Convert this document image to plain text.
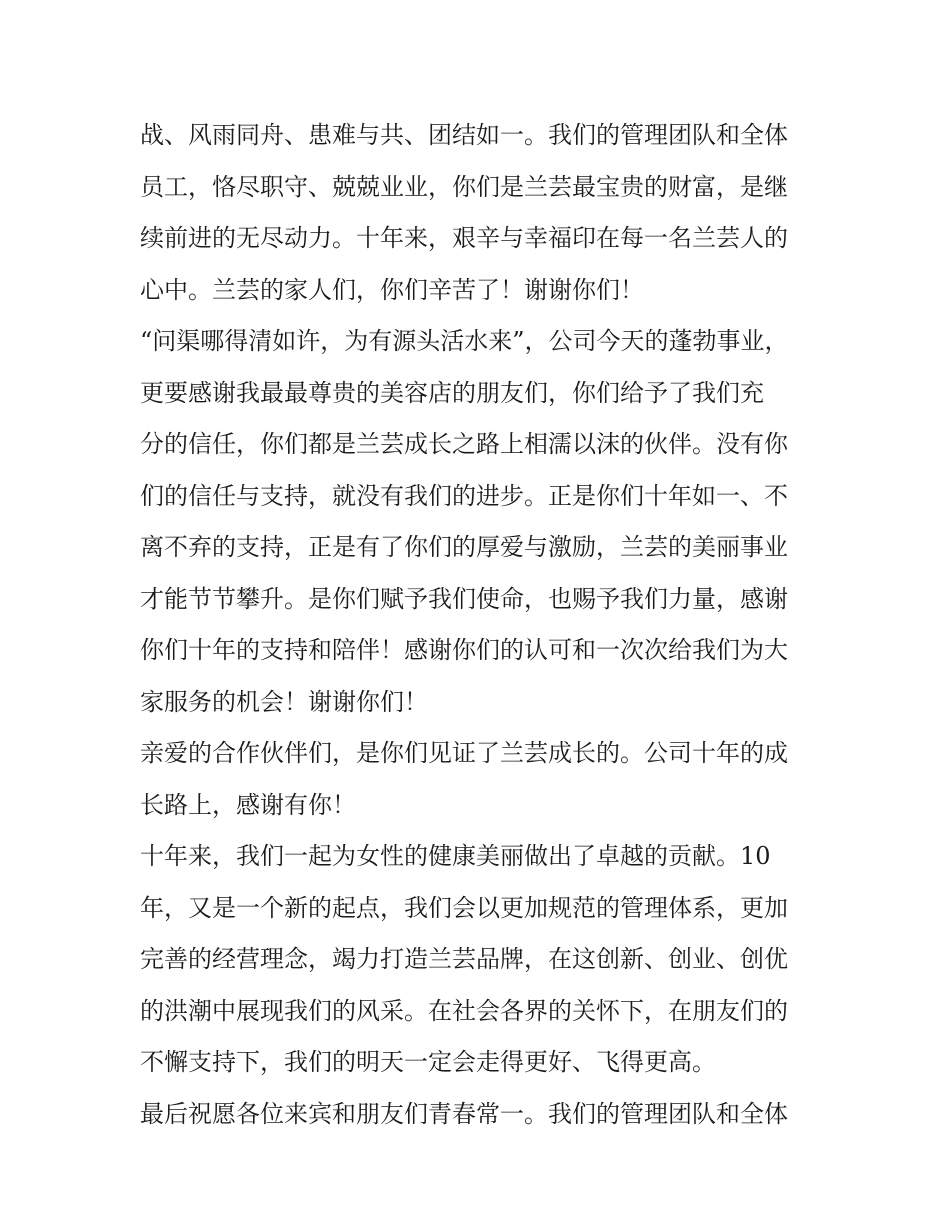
战、风雨同舟、患难与共、团结如一。我们的管理团队和全体
员工，恪尽职守、兢兢业业，你们是兰芸最宝贵的财富，是继
续前进的无尽动力。十年来，艰辛与幸福印在每一名兰芸人的
心中。兰芸的家人们，你们辛苦了！谢谢你们！
“问渠哪得清如许，为有源头活水来”，公司今天的蓬勃事业，
更要感谢我最最尊贵的美容店的朋友们，你们给予了我们充
分的信任，你们都是兰芸成长之路上相濡以沫的伙伴。没有你
们的信任与支持，就没有我们的进步。正是你们十年如一、不
离不弃的支持，正是有了你们的厚爱与激励，兰芸的美丽事业
才能节节攀升。是你们赋予我们使命，也赐予我们力量，感谢
你们十年的支持和陪伴！感谢你们的认可和一次次给我们为大
家服务的机会！谢谢你们！
亲爱的合作伙伴们，是你们见证了兰芸成长的。公司十年的成
长路上，感谢有你！
十年来，我们一起为女性的健康美丽做出了卓越的贡献。10
年，又是一个新的起点，我们会以更加规范的管理体系，更加
完善的经营理念，竭力打造兰芸品牌，在这创新、创业、创优
的洪潮中展现我们的风采。在社会各界的关怀下，在朋友们的
不懈支持下，我们的明天一定会走得更好、飞得更高。
最后祝愿各位来宾和朋友们青春常一。我们的管理团队和全体
